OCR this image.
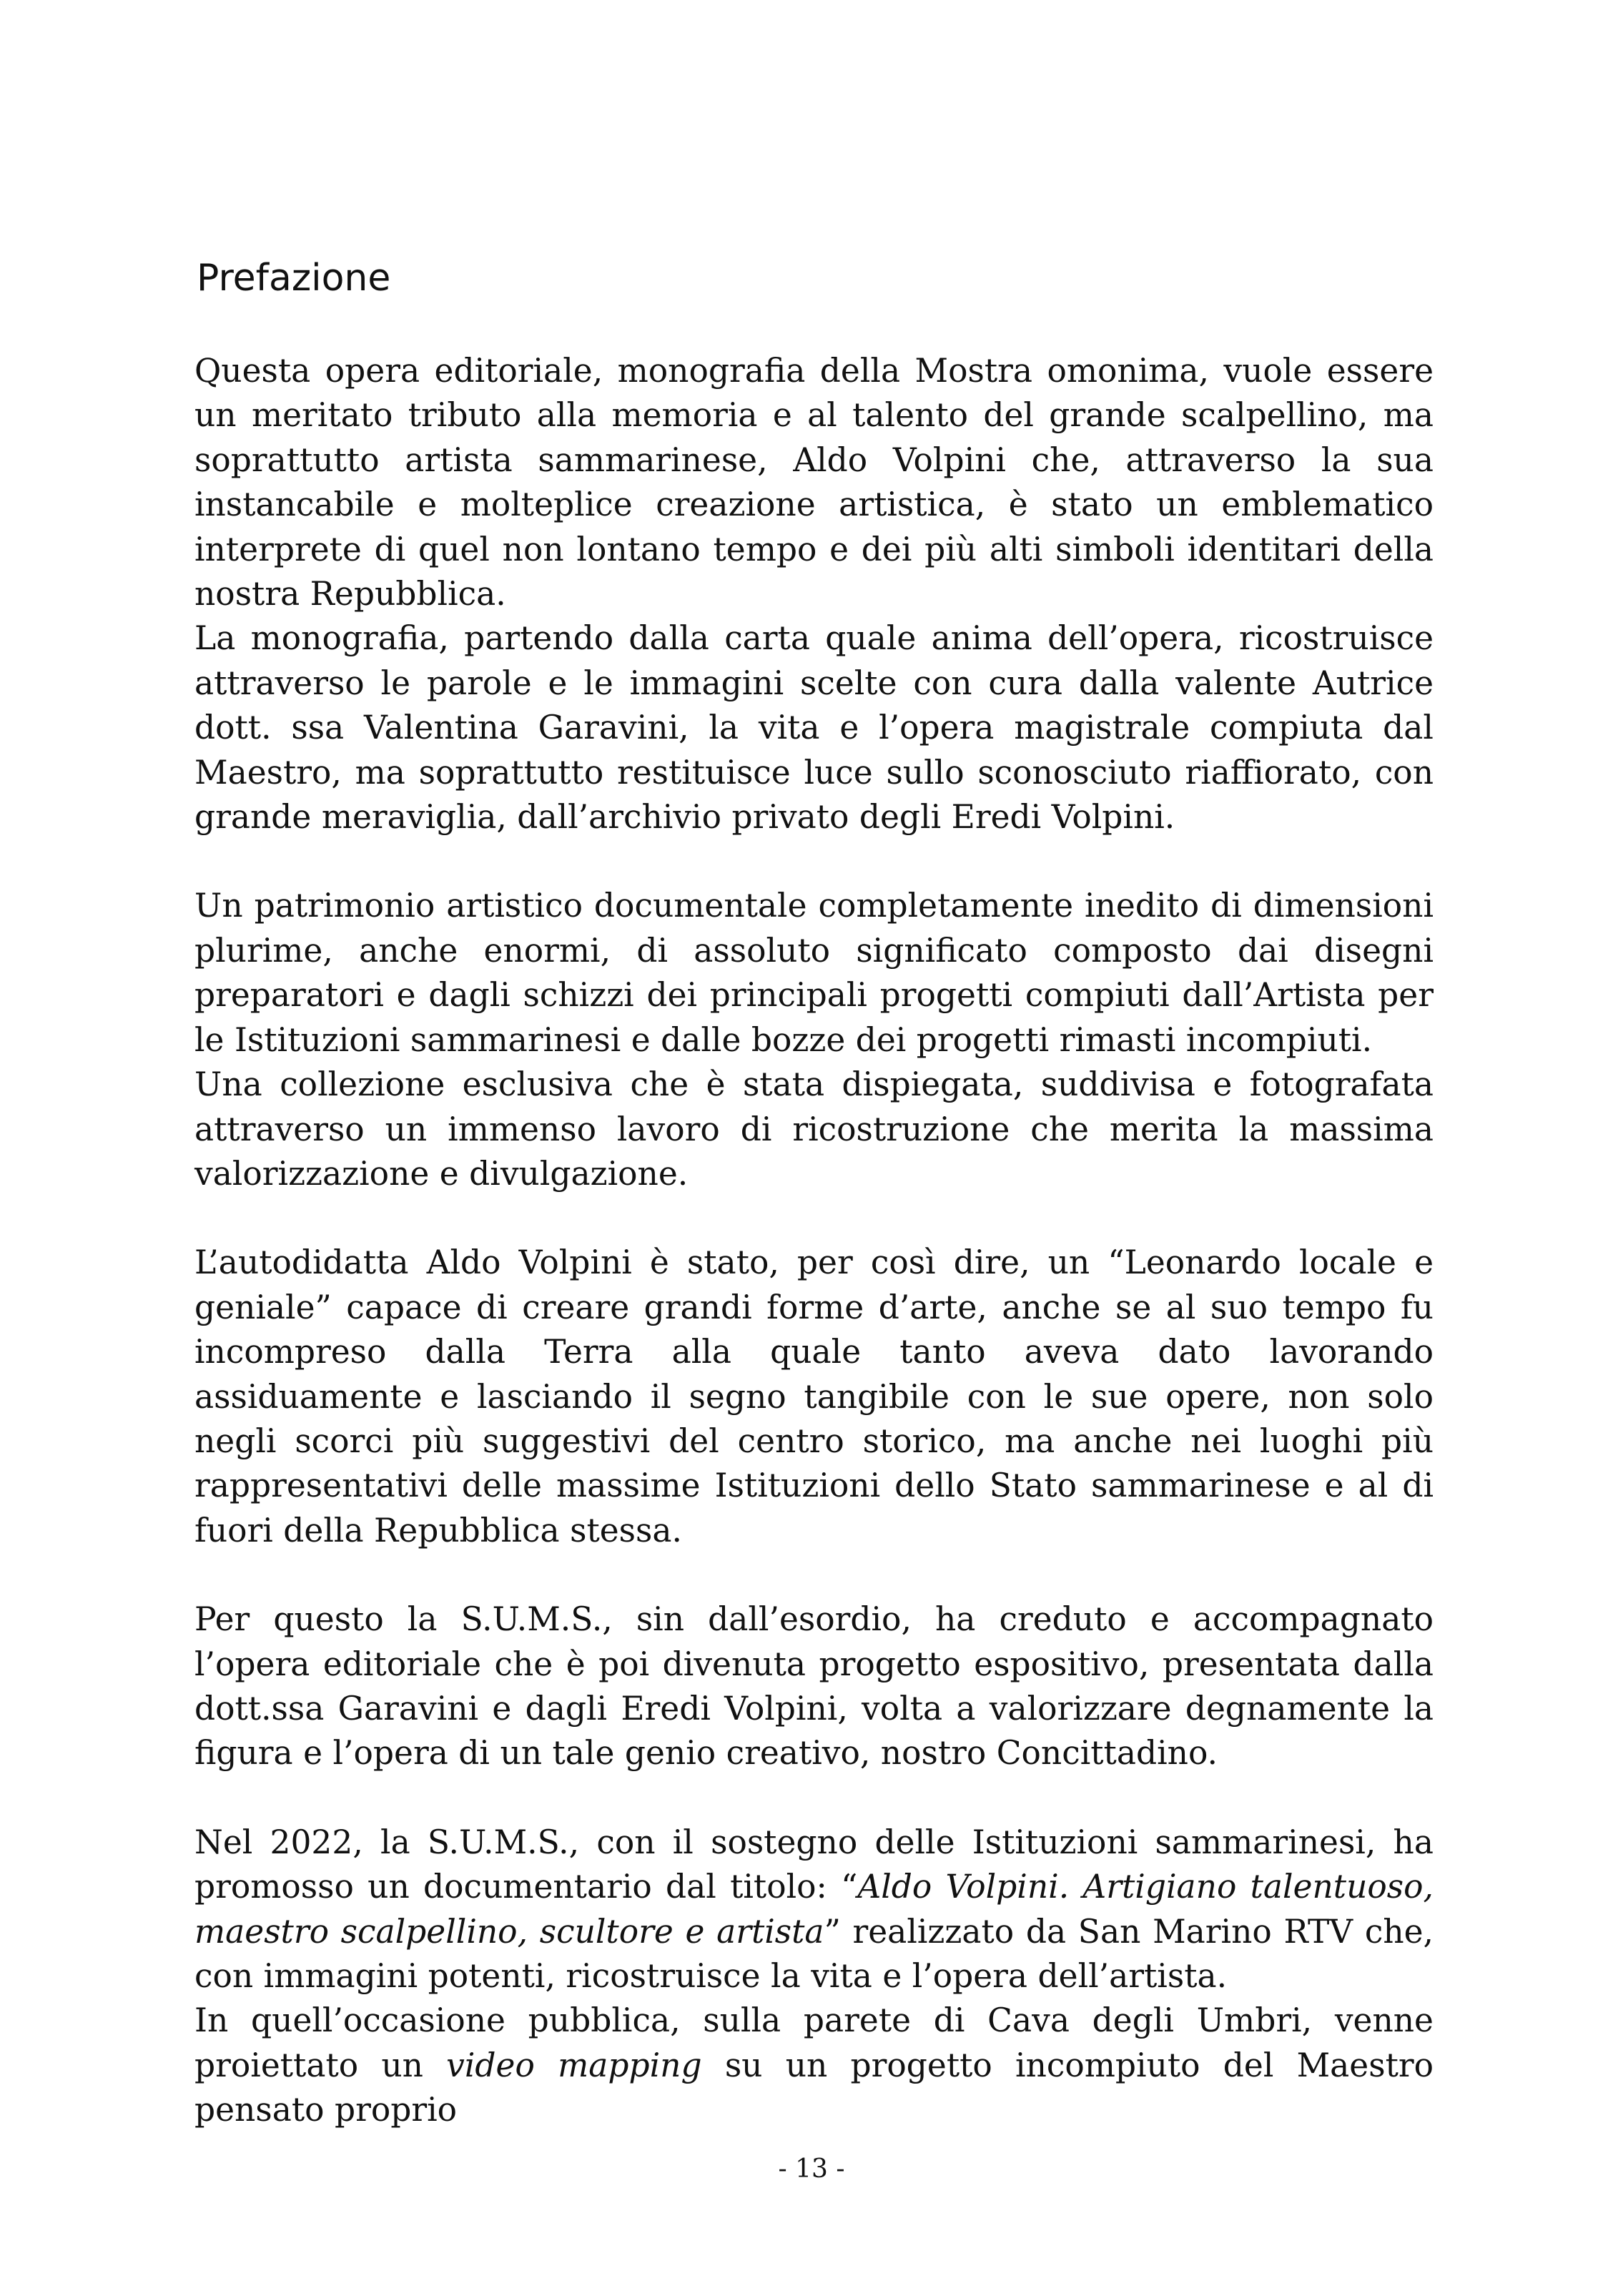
Prefazione

Questa opera editoriale, monografia della Mostra omonima, vuole essere un meritato tributo alla memoria e al talento del grande scalpellino, ma soprattutto artista sammarinese, Aldo Volpini che, attraverso la sua instancabile e molteplice creazione artistica, è stato un emblematico interprete di quel non lontano tempo e dei più alti simboli identitari della nostra Repubblica.

La monografia, partendo dalla carta quale anima dell’opera, ricostruisce attraverso le parole e le immagini scelte con cura dalla valente Autrice dott. ssa Valentina Garavini, la vita e l’opera magistrale compiuta dal Maestro, ma soprattutto restituisce luce sullo sconosciuto riaffiorato, con grande meraviglia, dall’archivio privato degli Eredi Volpini.

Un patrimonio artistico documentale completamente inedito di dimensioni plurime, anche enormi, di assoluto significato composto dai disegni preparatori e dagli schizzi dei principali progetti compiuti dall’Artista per le Istituzioni sammarinesi e dalle bozze dei progetti rimasti incompiuti.

Una collezione esclusiva che è stata dispiegata, suddivisa e fotografata attraverso un immenso lavoro di ricostruzione che merita la massima valorizzazione e divulgazione.

L’autodidatta Aldo Volpini è stato, per così dire, un “Leonardo locale e geniale” capace di creare grandi forme d’arte, anche se al suo tempo fu incompreso dalla Terra alla quale tanto aveva dato lavorando assiduamente e lasciando il segno tangibile con le sue opere, non solo negli scorci più suggestivi del centro storico, ma anche nei luoghi più rappresentativi delle massime Istituzioni dello Stato sammarinese e al di fuori della Repubblica stessa.

Per questo la S.U.M.S., sin dall’esordio, ha creduto e accompagnato l’opera editoriale che è poi divenuta progetto espositivo, presentata dalla dott.ssa Garavini e dagli Eredi Volpini, volta a valorizzare degnamente la figura e l’opera di un tale genio creativo, nostro Concittadino.

Nel 2022, la S.U.M.S., con il sostegno delle Istituzioni sammarinesi, ha promosso un documentario dal titolo: “Aldo Volpini. Artigiano talentuoso, maestro scalpellino, scultore e artista” realizzato da San Marino RTV che, con immagini potenti, ricostruisce la vita e l’opera dell’artista.

In quell’occasione pubblica, sulla parete di Cava degli Umbri, venne proiettato un video mapping su un progetto incompiuto del Maestro pensato proprio

- 13 -
